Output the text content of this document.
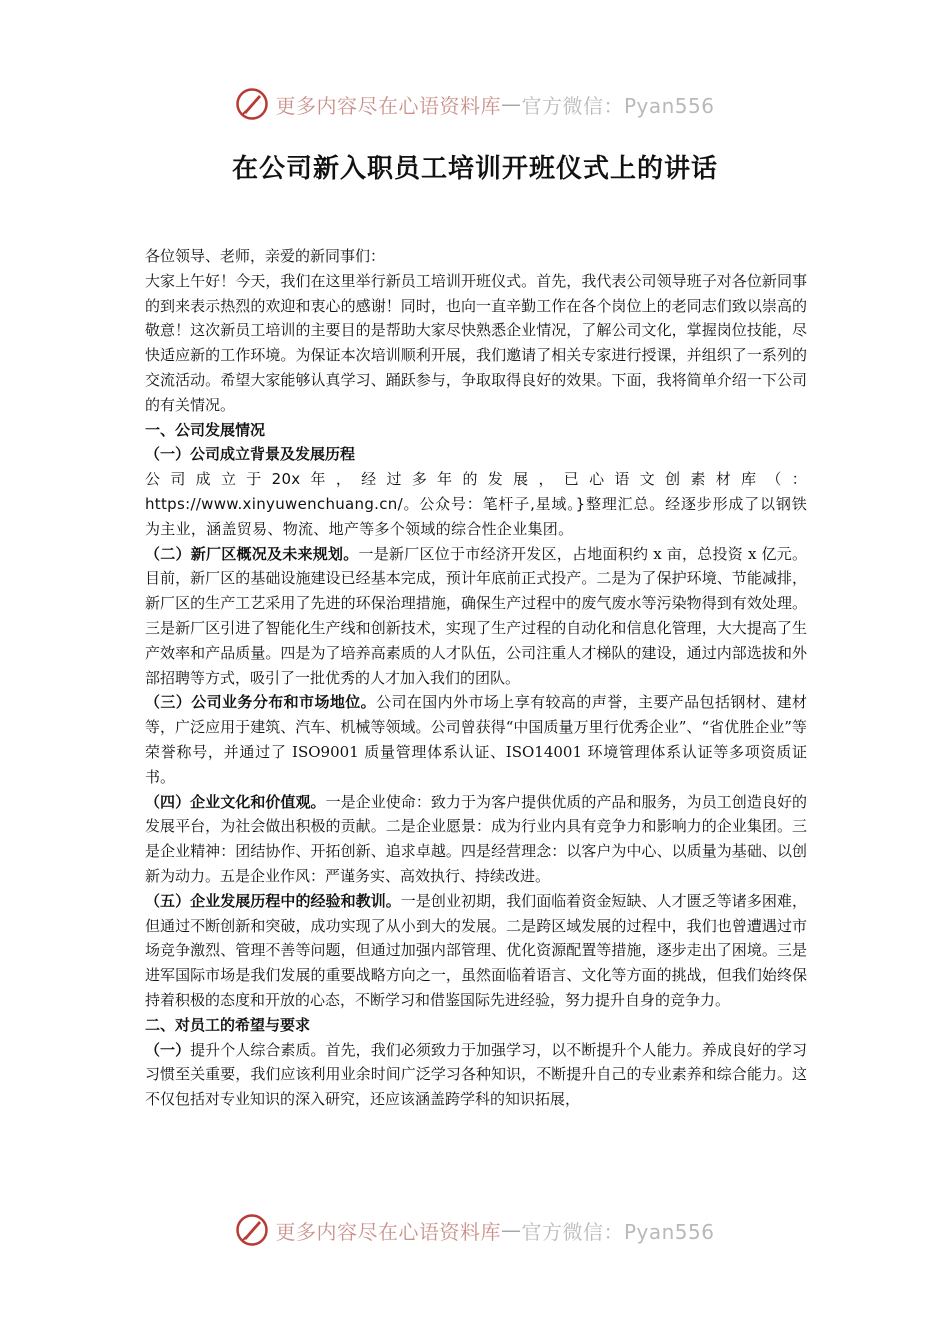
更多内容尽在心语资料库 — 官方微信：Pyan556
在公司新入职员工培训开班仪式上的讲话

各位领导、老师，亲爱的新同事们：

大家上午好！今天，我们在这里举行新员工培训开班仪式。首先，我代表公司领导班子对各位新同事的到来表示热烈的欢迎和衷心的感谢！同时，也向一直辛勤工作在各个岗位上的老同志们致以崇高的敬意！这次新员工培训的主要目的是帮助大家尽快熟悉企业情况，了解公司文化，掌握岗位技能，尽快适应新的工作环境。为保证本次培训顺利开展，我们邀请了相关专家进行授课，并组织了一系列的交流活动。希望大家能够认真学习、踊跃参与，争取取得良好的效果。下面，我将简单介绍一下公司的有关情况。

一、公司发展情况

（一）公司成立背景及发展历程

公司成立于20x年，经过多年的发展，已心语文创素材库（：https://www.xinyuwenchuang.cn/。公众号：笔杆子,星域。}整理汇总。经逐步形成了以钢铁为主业，涵盖贸易、物流、地产等多个领域的综合性企业集团。

（二）新厂区概况及未来规划。一是新厂区位于市经济开发区，占地面积约 x 亩，总投资 x 亿元。目前，新厂区的基础设施建设已经基本完成，预计年底前正式投产。二是为了保护环境、节能减排，新厂区的生产工艺采用了先进的环保治理措施，确保生产过程中的废气废水等污染物得到有效处理。三是新厂区引进了智能化生产线和创新技术，实现了生产过程的自动化和信息化管理，大大提高了生产效率和产品质量。四是为了培养高素质的人才队伍，公司注重人才梯队的建设，通过内部选拔和外部招聘等方式，吸引了一批优秀的人才加入我们的团队。

（三）公司业务分布和市场地位。公司在国内外市场上享有较高的声誉，主要产品包括钢材、建材等，广泛应用于建筑、汽车、机械等领域。公司曾获得“中国质量万里行优秀企业”、“省优胜企业”等荣誉称号，并通过了 ISO9001 质量管理体系认证、ISO14001 环境管理体系认证等多项资质证书。

（四）企业文化和价值观。一是企业使命：致力于为客户提供优质的产品和服务，为员工创造良好的发展平台，为社会做出积极的贡献。二是企业愿景：成为行业内具有竞争力和影响力的企业集团。三是企业精神：团结协作、开拓创新、追求卓越。四是经营理念：以客户为中心、以质量为基础、以创新为动力。五是企业作风：严谨务实、高效执行、持续改进。

（五）企业发展历程中的经验和教训。一是创业初期，我们面临着资金短缺、人才匮乏等诸多困难，但通过不断创新和突破，成功实现了从小到大的发展。二是跨区域发展的过程中，我们也曾遭遇过市场竞争激烈、管理不善等问题，但通过加强内部管理、优化资源配置等措施，逐步走出了困境。三是进军国际市场是我们发展的重要战略方向之一，虽然面临着语言、文化等方面的挑战，但我们始终保持着积极的态度和开放的心态，不断学习和借鉴国际先进经验，努力提升自身的竞争力。

二、对员工的希望与要求

（一）提升个人综合素质。首先，我们必须致力于加强学习，以不断提升个人能力。养成良好的学习习惯至关重要，我们应该利用业余时间广泛学习各种知识，不断提升自己的专业素养和综合能力。这不仅包括对专业知识的深入研究，还应该涵盖跨学科的知识拓展，

更多内容尽在心语资料库 — 官方微信：Pyan556
